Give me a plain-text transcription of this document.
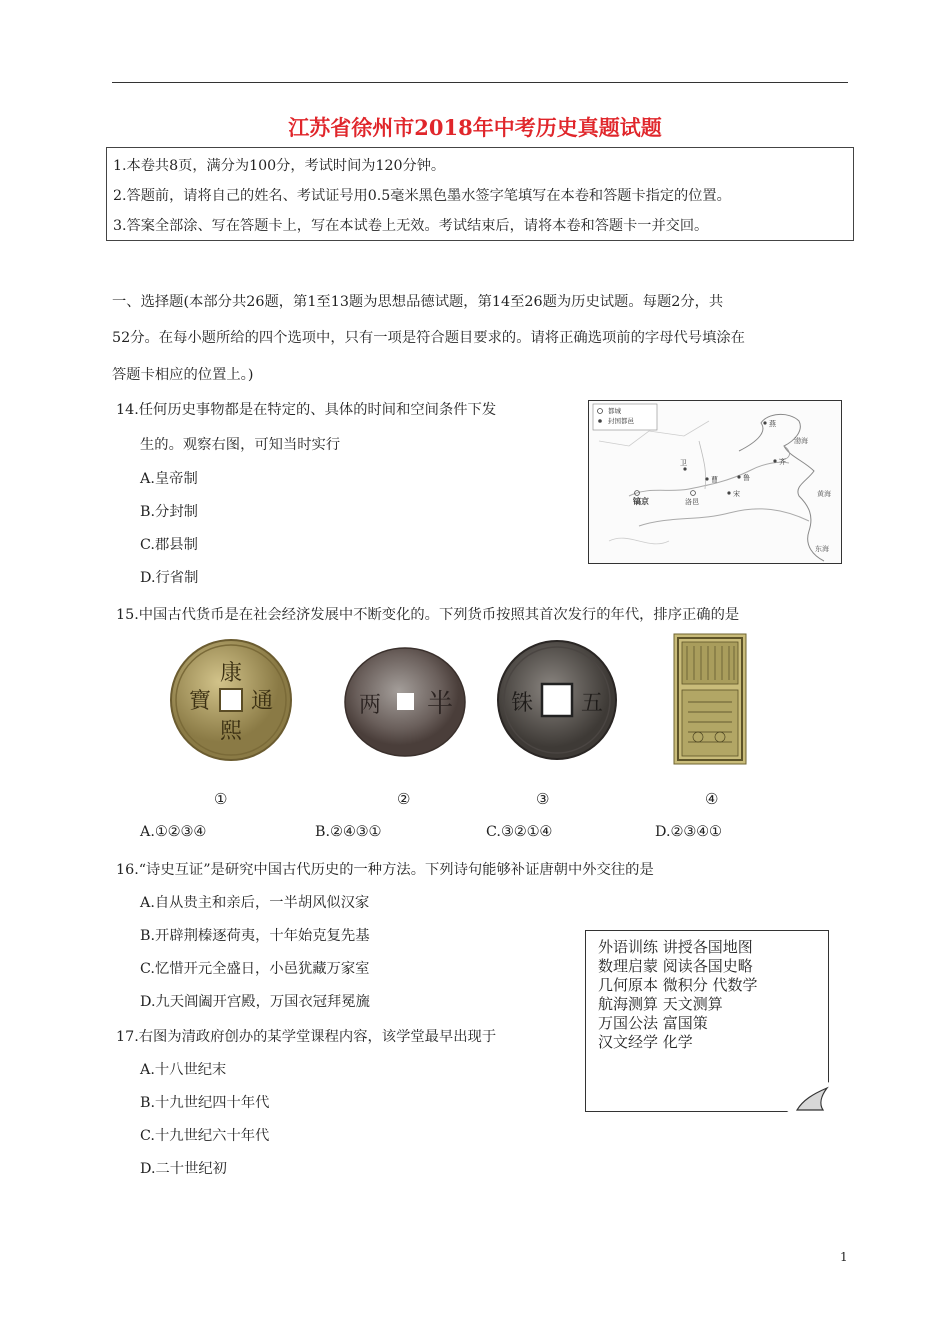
江苏省徐州市2018年中考历史真题试题
1.本卷共8页，满分为100分，考试时间为120分钟。
2.答题前，请将自己的姓名、考试证号用0.5毫米黑色墨水签字笔填写在本卷和答题卡指定的位置。
3.答案全部涂、写在答题卡上，写在本试卷上无效。考试结束后，请将本卷和答题卡一并交回。
一、选择题(本部分共26题，第1至13题为思想品德试题，第14至26题为历史试题。每题2分，共
52分。在每小题所给的四个选项中，只有一项是符合题目要求的。请将正确选项前的字母代号填涂在
答题卡相应的位置上。)
14.任何历史事物都是在特定的、具体的时间和空间条件下发
生的。观察右图，可知当时实行
A.皇帝制
B.分封制
C.郡县制
D.行省制
都城
封国都邑	燕
齐
鲁
曹
卫
宋
洛邑
镐京
渤海
黄海
东海
15.中国古代货币是在社会经济发展中不断变化的。下列货币按照其首次发行的年代，排序正确的是
康
熙
通
寶	半
两	铢 五
①	②	③	④
A.①②③④	B.②④③①	C.③②①④	D.②③④①
16.“诗史互证”是研究中国古代历史的一种方法。下列诗句能够补证唐朝中外交往的是
A.自从贵主和亲后，一半胡风似汉家
B.开辟荆榛逐荷夷，十年始克复先基
C.忆惜开元全盛日，小邑犹藏万家室
D.九天阊阖开宫殿，万国衣冠拜冕旒
17.右图为清政府创办的某学堂课程内容，该学堂最早出现于
A.十八世纪末
B.十九世纪四十年代
C.十九世纪六十年代
D.二十世纪初
外语训练 讲授各国地图
数理启蒙 阅读各国史略
几何原本 微积分 代数学
航海测算 天文测算
万国公法 富国策
汉文经学 化学
1
